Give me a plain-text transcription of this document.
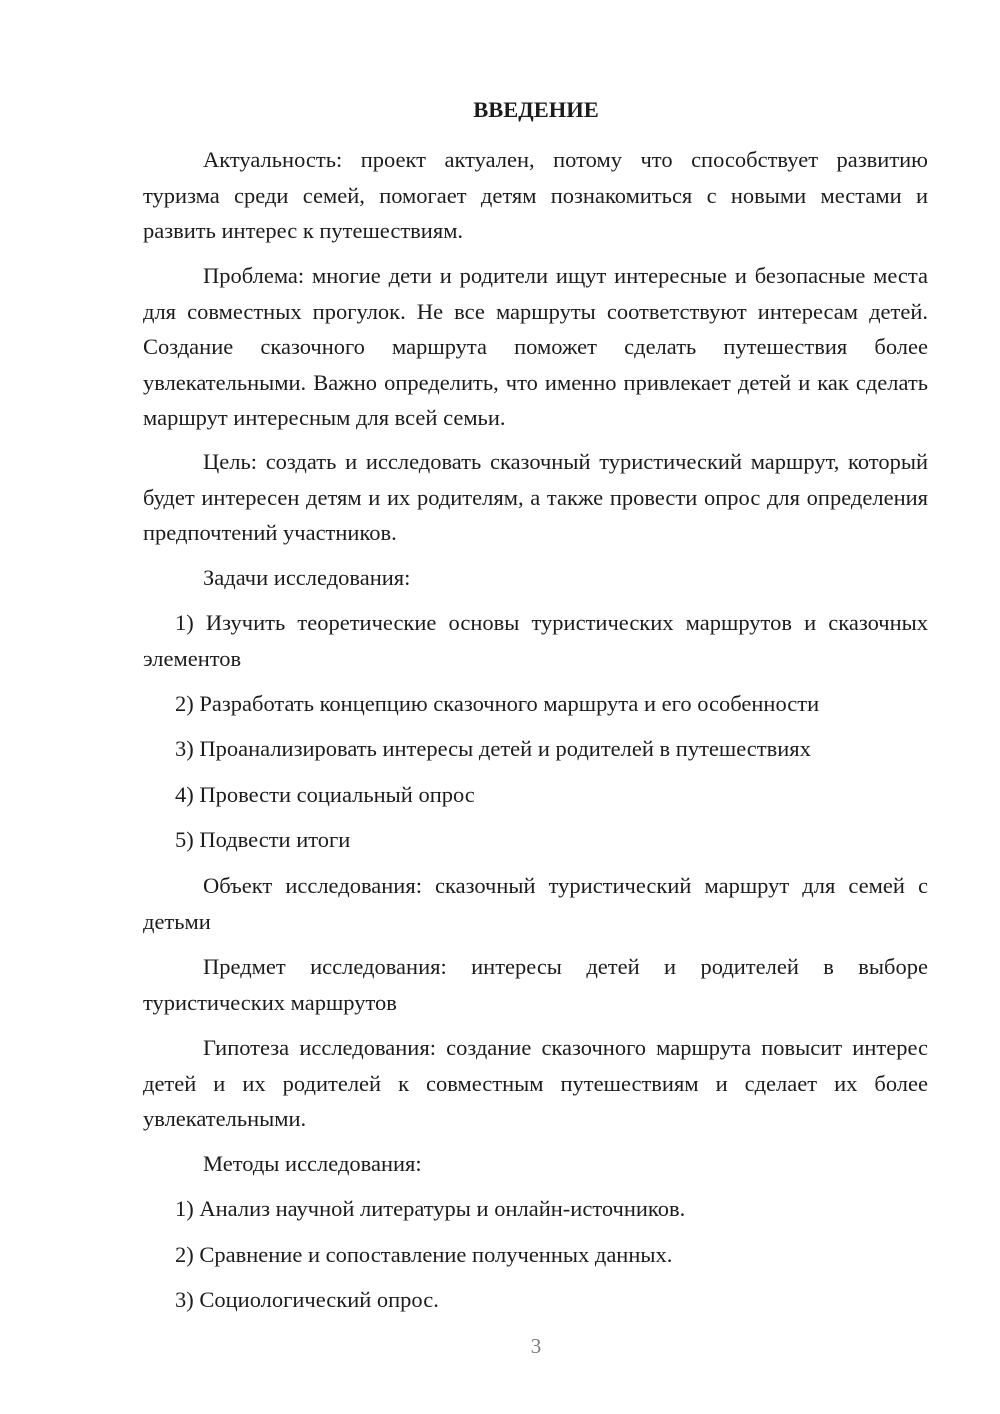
ВВЕДЕНИЕ

Актуальность: проект актуален, потому что способствует развитию туризма среди семей, помогает детям познакомиться с новыми местами и развить интерес к путешествиям.

Проблема: многие дети и родители ищут интересные и безопасные места для совместных прогулок. Не все маршруты соответствуют интересам детей. Создание сказочного маршрута поможет сделать путешествия более увлекательными. Важно определить, что именно привлекает детей и как сделать маршрут интересным для всей семьи.

Цель: создать и исследовать сказочный туристический маршрут, который будет интересен детям и их родителям, а также провести опрос для определения предпочтений участников.

Задачи исследования:

1) Изучить теоретические основы туристических маршрутов и сказочных элементов

2) Разработать концепцию сказочного маршрута и его особенности

3) Проанализировать интересы детей и родителей в путешествиях

4) Провести социальный опрос

5) Подвести итоги

Объект исследования: сказочный туристический маршрут для семей с детьми

Предмет исследования: интересы детей и родителей в выборе туристических маршрутов

Гипотеза исследования: создание сказочного маршрута повысит интерес детей и их родителей к совместным путешествиям и сделает их более увлекательными.

Методы исследования:

1) Анализ научной литературы и онлайн-источников.

2) Сравнение и сопоставление полученных данных.

3) Социологический опрос.

3
